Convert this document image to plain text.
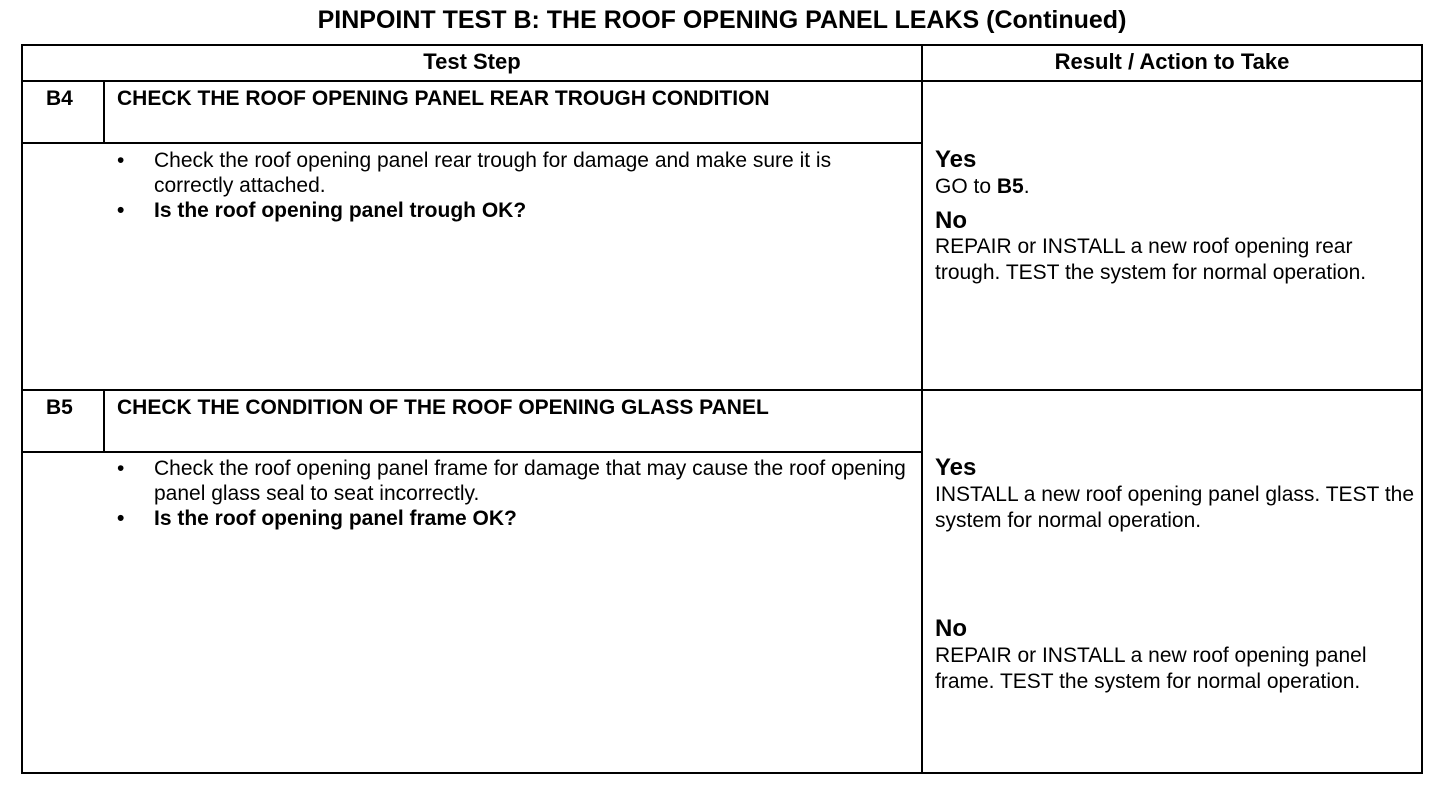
PINPOINT TEST B: THE ROOF OPENING PANEL LEAKS (Continued)
Test Step	Result / Action to Take
B4 CHECK THE ROOF OPENING PANEL REAR TROUGH CONDITION
• Check the roof opening panel rear trough for damage and make sure it is correctly attached.
• Is the roof opening panel trough OK?
Yes
GO to B5.
No
REPAIR or INSTALL a new roof opening rear trough. TEST the system for normal operation.
B5 CHECK THE CONDITION OF THE ROOF OPENING GLASS PANEL
• Check the roof opening panel frame for damage that may cause the roof opening panel glass seal to seat incorrectly.
• Is the roof opening panel frame OK?
Yes
INSTALL a new roof opening panel glass. TEST the system for normal operation.
No
REPAIR or INSTALL a new roof opening panel frame. TEST the system for normal operation.
